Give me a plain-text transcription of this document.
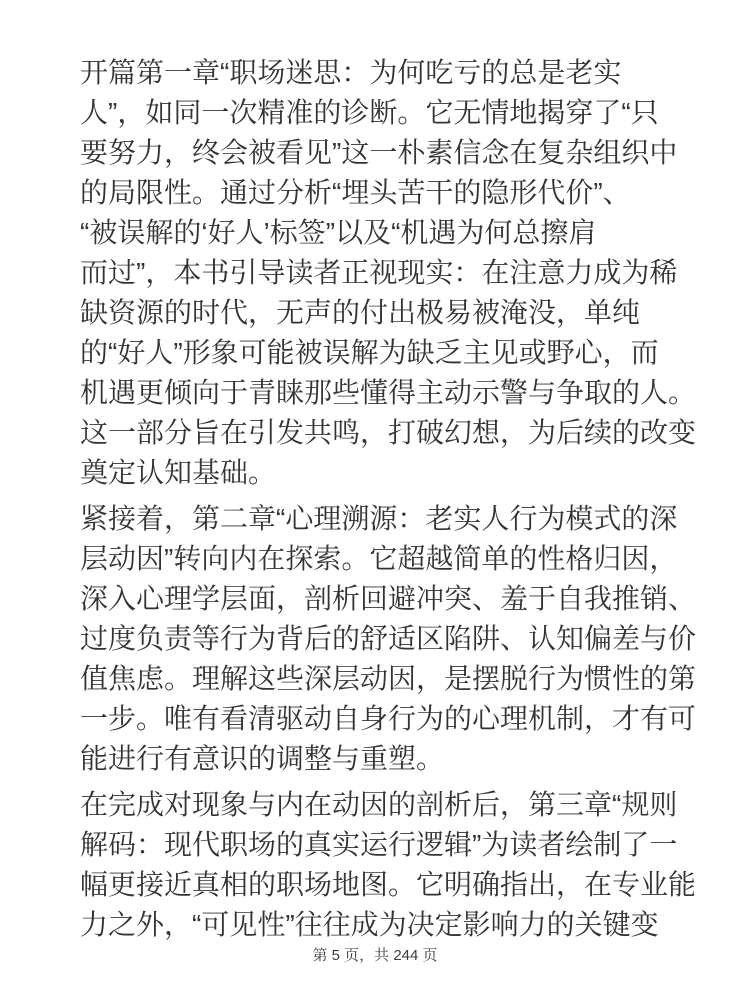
开篇第一章“职场迷思：为何吃亏的总是老实
人”，如同一次精准的诊断。它无情地揭穿了“只
要努力，终会被看见”这一朴素信念在复杂组织中
的局限性。通过分析“埋头苦干的隐形代价”、
“被误解的‘好人’标签”以及“机遇为何总擦肩
而过”，本书引导读者正视现实：在注意力成为稀
缺资源的时代，无声的付出极易被淹没，单纯
的“好人”形象可能被误解为缺乏主见或野心，而
机遇更倾向于青睐那些懂得主动示警与争取的人。
这一部分旨在引发共鸣，打破幻想，为后续的改变
奠定认知基础。
紧接着，第二章“心理溯源：老实人行为模式的深
层动因”转向内在探索。它超越简单的性格归因，
深入心理学层面，剖析回避冲突、羞于自我推销、
过度负责等行为背后的舒适区陷阱、认知偏差与价
值焦虑。理解这些深层动因，是摆脱行为惯性的第
一步。唯有看清驱动自身行为的心理机制，才有可
能进行有意识的调整与重塑。
在完成对现象与内在动因的剖析后，第三章“规则
解码：现代职场的真实运行逻辑”为读者绘制了一
幅更接近真相的职场地图。它明确指出，在专业能
力之外，“可见性”往往成为决定影响力的关键变
第 5 页，共 244 页
